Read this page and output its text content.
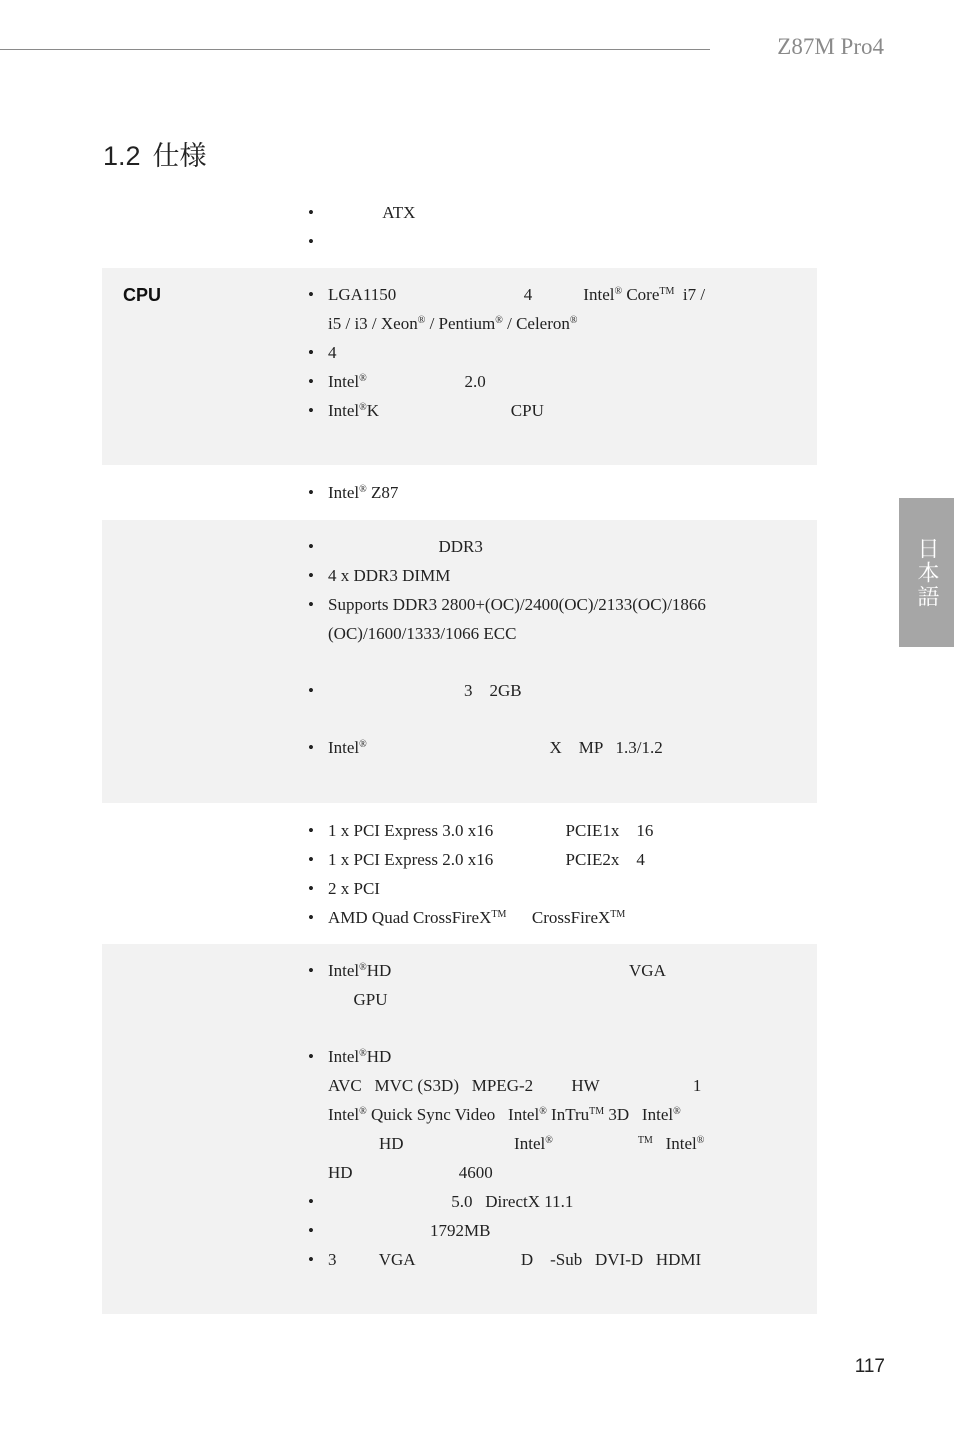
Z87M Pro4
1.2 仕様
日本語
•              ATX
CPU
•	LGA1150                              4            Intel® Core™  i7 /
i5 / i3 / Xeon® / Pentium® / Celeron®
• 4
• Intel®                       2.0
• Intel®K                               CPU
• Intel® Z87
•                           DDR3
• 4 x DDR3 DIMM
• Supports DDR3 2800+(OC)/2400(OC)/2133(OC)/1866
(OC)/1600/1333/1066 ECC
•                                 3    2GB
• Intel®                                           X    MP   1.3/1.2
• 1 x PCI Express 3.0 x16                 PCIE1x    16
• 1 x PCI Express 2.0 x16                 PCIE2x    4
• 2 x PCI
• AMD Quad CrossFireX™      CrossFireX™
• Intel®HD                                                        VGA
GPU
• Intel®HD
AVC   MVC (S3D)   MPEG-2         HW                      1
Intel® Quick Sync Video   Intel® InTru™ 3D   Intel®
HD                          Intel®	™   Intel®
HD                         4600
•                              5.0   DirectX 11.1
•                         1792MB
• 3          VGA                         D    -Sub   DVI-D   HDMI
117
